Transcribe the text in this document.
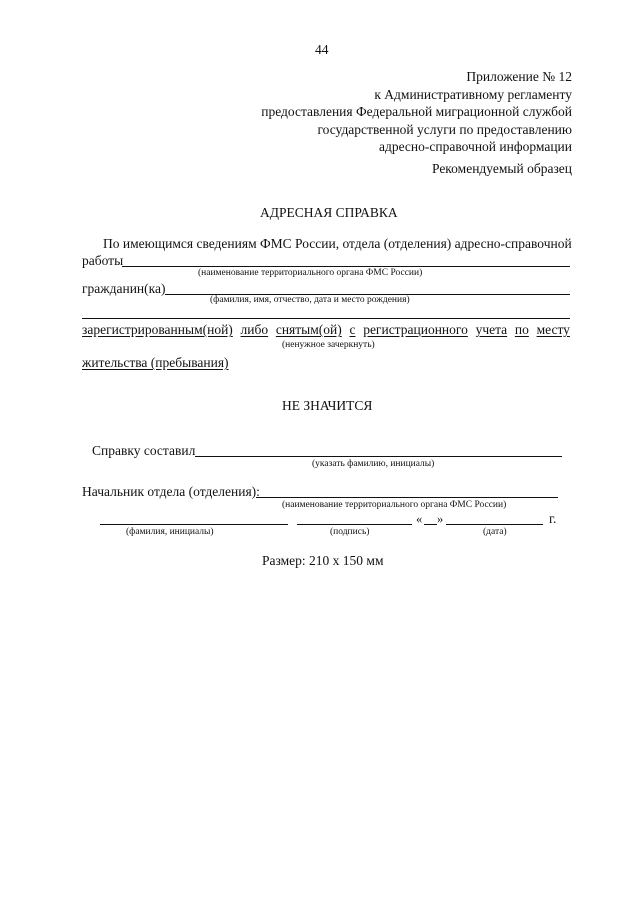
44
Приложение № 12
к Административному регламенту
предоставления Федеральной миграционной службой
государственной услуги по предоставлению
адресно-справочной информации
Рекомендуемый образец
АДРЕСНАЯ СПРАВКА
По имеющимся сведениям ФМС России, отдела (отделения) адресно-справочной
работы
(наименование территориального органа ФМС России)
гражданин(ка)
(фамилия, имя, отчество, дата и место рождения)
зарегистрированным(ной) либо снятым(ой) с регистрационного учета по месту
(ненужное зачеркнуть)
жительства (пребывания)
НЕ ЗНАЧИТСЯ
Справку составил
(указать фамилию, инициалы)
Начальник отдела (отделения):
(наименование территориального органа ФМС России)
« »	г.
(фамилия, инициалы)	(подпись)	(дата)
Размер: 210 х 150 мм
